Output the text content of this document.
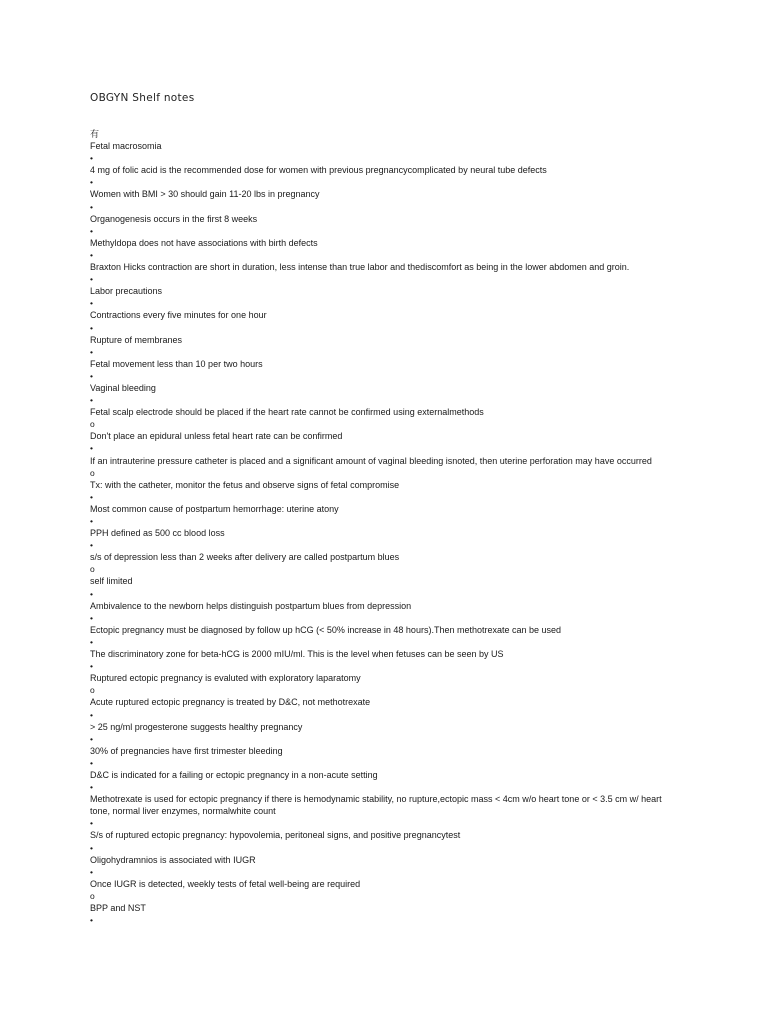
OBGYN Shelf notes
有
Fetal macrosomia
•
4 mg of folic acid is the recommended dose for women with previous pregnancycomplicated by neural tube defects
•
Women with BMI > 30 should gain 11-20 lbs in pregnancy
•
Organogenesis occurs in the first 8 weeks
•
Methyldopa does not have associations with birth defects
•
Braxton Hicks contraction are short in duration, less intense than true labor and thediscomfort as being in the lower abdomen and groin.
•
Labor precautions
•
Contractions every five minutes for one hour
•
Rupture of membranes
•
Fetal movement less than 10 per two hours
•
Vaginal bleeding
•
Fetal scalp electrode should be placed if the heart rate cannot be confirmed using externalmethods
o
Don't place an epidural unless fetal heart rate can be confirmed
•
If an intrauterine pressure catheter is placed and a significant amount of vaginal bleeding isnoted, then uterine perforation may have occurred
o
Tx: with the catheter, monitor the fetus and observe signs of fetal compromise
•
Most common cause of postpartum hemorrhage: uterine atony
•
PPH defined as 500 cc blood loss
•
s/s of depression less than 2 weeks after delivery are called postpartum blues
o
self limited
•
Ambivalence to the newborn helps distinguish postpartum blues from depression
•
Ectopic pregnancy must be diagnosed by follow up hCG (< 50% increase in 48 hours).Then methotrexate can be used
•
The discriminatory zone for beta-hCG is 2000 mIU/ml. This is the level when fetuses can be seen by US
•
Ruptured ectopic pregnancy is evaluted with exploratory laparatomy
o
Acute ruptured ectopic pregnancy is treated by D&C, not methotrexate
•
> 25 ng/ml progesterone suggests healthy pregnancy
•
30% of pregnancies have first trimester bleeding
•
D&C is indicated for a failing or ectopic pregnancy in a non-acute setting
•
Methotrexate is used for ectopic pregnancy if there is hemodynamic stability, no rupture,ectopic mass < 4cm w/o heart tone or < 3.5 cm w/ heart tone, normal liver enzymes, normalwhite count
•
S/s of ruptured ectopic pregnancy: hypovolemia, peritoneal signs, and positive pregnancytest
•
Oligohydramnios is associated with IUGR
•
Once IUGR is detected, weekly tests of fetal well-being are required
o
BPP and NST
•
